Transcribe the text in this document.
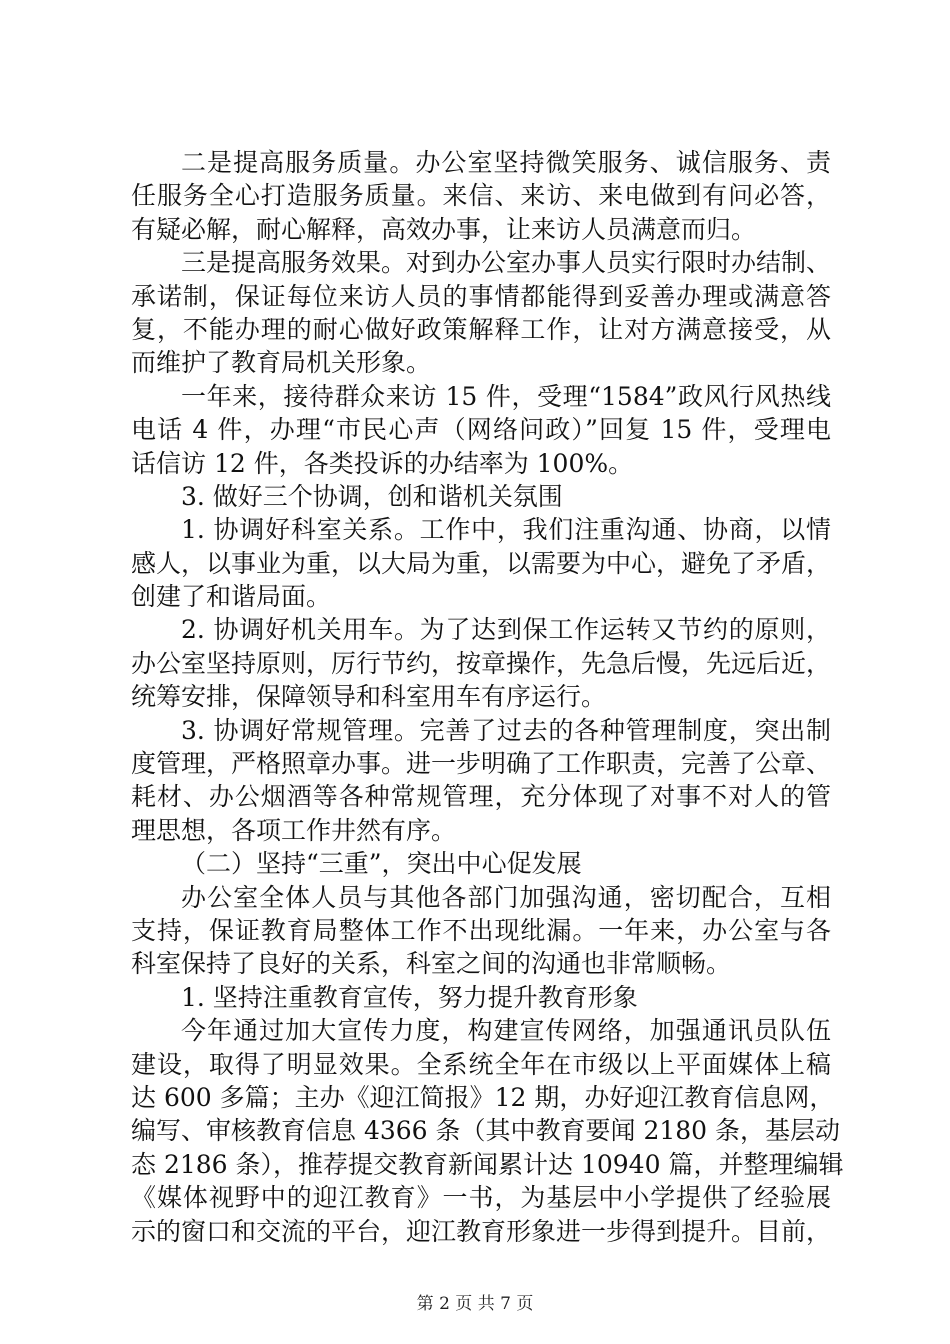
二是提高服务质量。办公室坚持微笑服务、诚信服务、责
任服务全心打造服务质量。来信、来访、来电做到有问必答，
有疑必解，耐心解释，高效办事，让来访人员满意而归。
三是提高服务效果。对到办公室办事人员实行限时办结制、
承诺制，保证每位来访人员的事情都能得到妥善办理或满意答
复，不能办理的耐心做好政策解释工作，让对方满意接受，从
而维护了教育局机关形象。
一年来，接待群众来访 15 件，受理“1584”政风行风热线
电话 4 件，办理“市民心声（网络问政）”回复 15 件，受理电
话信访 12 件，各类投诉的办结率为 100%。
3. 做好三个协调，创和谐机关氛围
1. 协调好科室关系。工作中，我们注重沟通、协商，以情
感人，以事业为重，以大局为重，以需要为中心，避免了矛盾，
创建了和谐局面。
2. 协调好机关用车。为了达到保工作运转又节约的原则，
办公室坚持原则，厉行节约，按章操作，先急后慢，先远后近，
统筹安排，保障领导和科室用车有序运行。
3. 协调好常规管理。完善了过去的各种管理制度，突出制
度管理，严格照章办事。进一步明确了工作职责，完善了公章、
耗材、办公烟酒等各种常规管理，充分体现了对事不对人的管
理思想，各项工作井然有序。
（二）坚持“三重”，突出中心促发展
办公室全体人员与其他各部门加强沟通，密切配合，互相
支持，保证教育局整体工作不出现纰漏。一年来，办公室与各
科室保持了良好的关系，科室之间的沟通也非常顺畅。
1. 坚持注重教育宣传，努力提升教育形象
今年通过加大宣传力度，构建宣传网络，加强通讯员队伍
建设，取得了明显效果。全系统全年在市级以上平面媒体上稿
达 600 多篇；主办《迎江简报》12 期，办好迎江教育信息网，
编写、审核教育信息 4366 条（其中教育要闻 2180 条，基层动
态 2186 条），推荐提交教育新闻累计达 10940 篇，并整理编辑
《媒体视野中的迎江教育》一书，为基层中小学提供了经验展
示的窗口和交流的平台，迎江教育形象进一步得到提升。目前，
第 2 页 共 7 页
